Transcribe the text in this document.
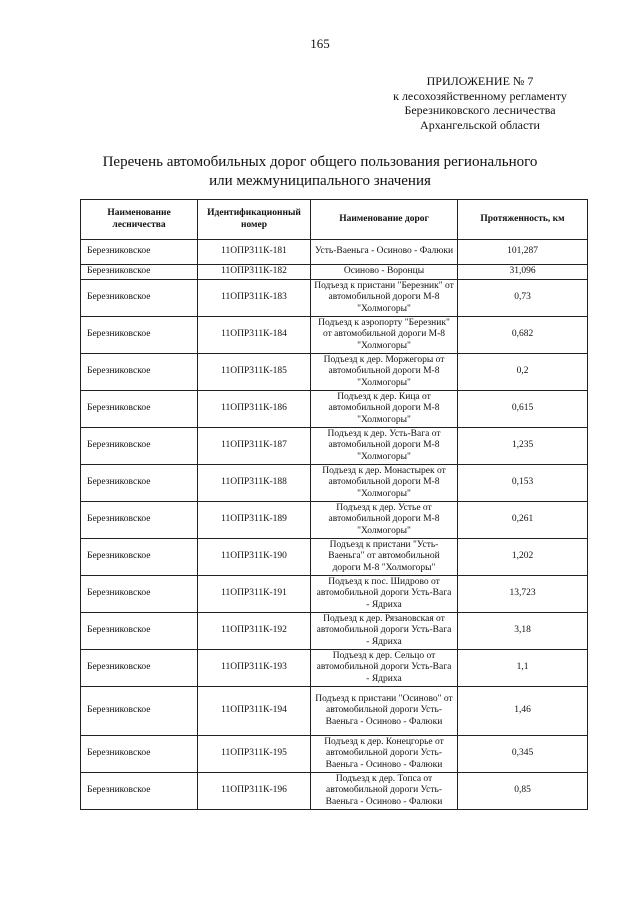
165
ПРИЛОЖЕНИЕ № 7
к лесохозяйственному регламенту
Березниковского лесничества
Архангельской области
Перечень автомобильных дорог общего пользования регионального
или межмуниципального значения
Наименование лесничества	Идентификационный номер	Наименование дорог	Протяженность, км
Березниковское	11ОПР311К-181	Усть-Ваеньга - Осиново - Фалюки	101,287
Березниковское	11ОПР311К-182	Осиново - Воронцы	31,096
Березниковское	11ОПР311К-183	Подъезд к пристани "Березник" от автомобильной дороги М-8 "Холмогоры"	0,73
Березниковское	11ОПР311К-184	Подъезд к аэропорту "Березник" от автомобильной дороги М-8 "Холмогоры"	0,682
Березниковское	11ОПР311К-185	Подъезд к дер. Моржегоры от автомобильной дороги М-8 "Холмогоры"	0,2
Березниковское	11ОПР311К-186	Подъезд к дер. Кица от автомобильной дороги М-8 "Холмогоры"	0,615
Березниковское	11ОПР311К-187	Подъезд к дер. Усть-Вага от автомобильной дороги М-8 "Холмогоры"	1,235
Березниковское	11ОПР311К-188	Подъезд к дер. Монастырек от автомобильной дороги М-8 "Холмогоры"	0,153
Березниковское	11ОПР311К-189	Подъезд к дер. Устье от автомобильной дороги М-8 "Холмогоры"	0,261
Березниковское	11ОПР311К-190	Подъезд к пристани "Усть-Ваеньга" от автомобильной дороги М-8 "Холмогоры"	1,202
Березниковское	11ОПР311К-191	Подъезд к пос. Шидрово от автомобильной дороги Усть-Вага - Ядриха	13,723
Березниковское	11ОПР311К-192	Подъезд к дер. Рязановская от автомобильной дороги Усть-Вага - Ядриха	3,18
Березниковское	11ОПР311К-193	Подъезд к дер. Сельцо от автомобильной дороги Усть-Вага - Ядриха	1,1
Березниковское	11ОПР311К-194	Подъезд к пристани "Осиново" от автомобильной дороги Усть-Ваеньга - Осиново - Фалюки	1,46
Березниковское	11ОПР311К-195	Подъезд к дер. Конецгорье от автомобильной дороги Усть-Ваеньга - Осиново - Фалюки	0,345
Березниковское	11ОПР311К-196	Подъезд к дер. Топса от автомобильной дороги Усть-Ваеньга - Осиново - Фалюки	0,85
